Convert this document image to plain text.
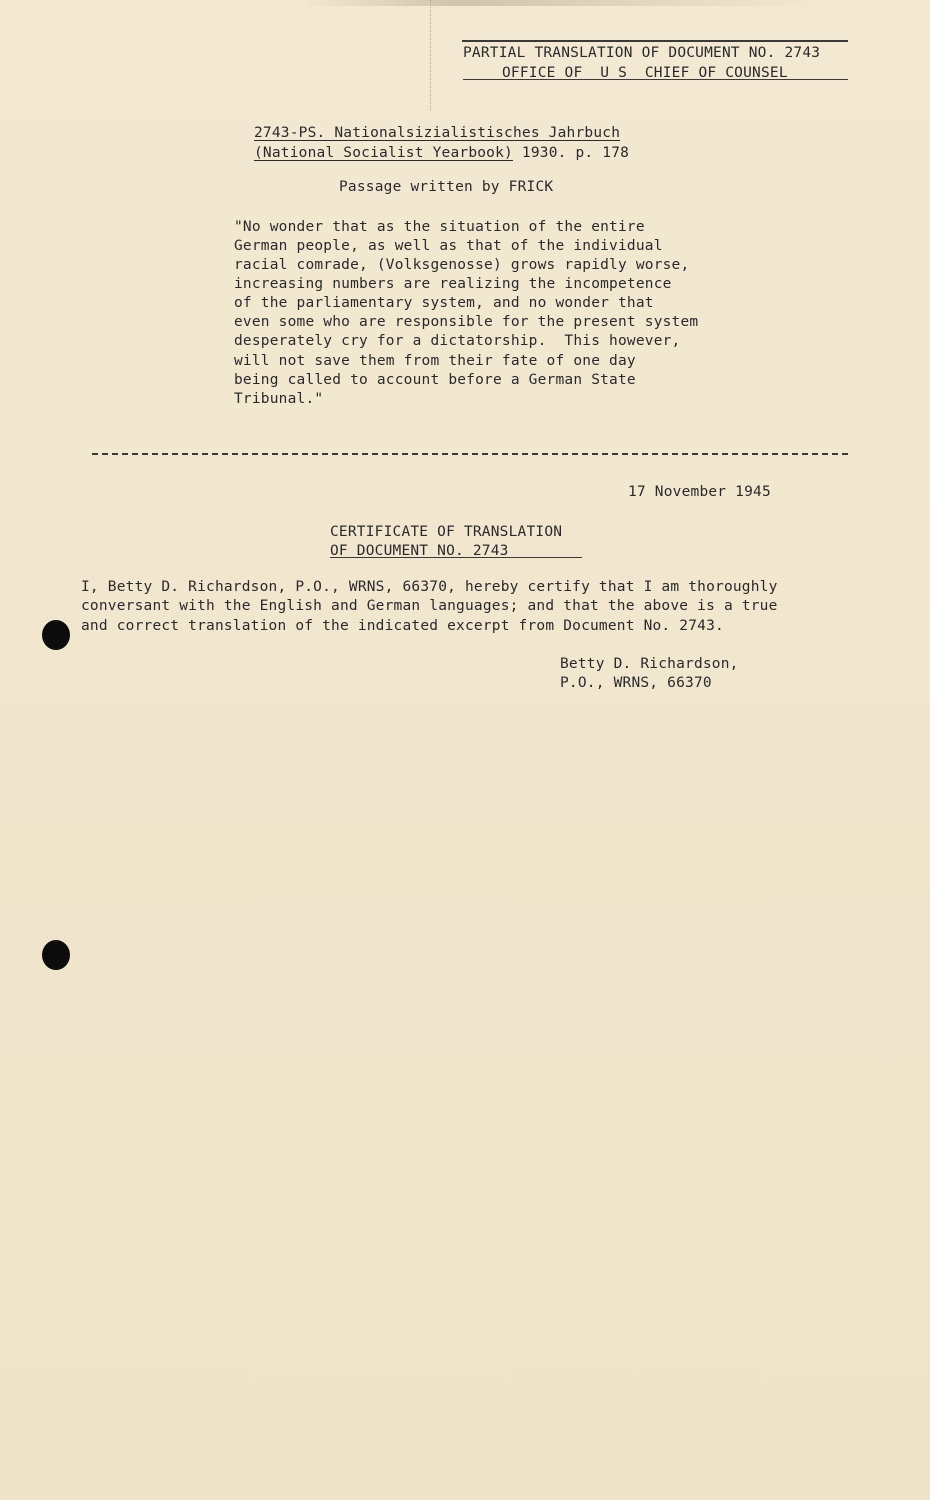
PARTIAL TRANSLATION OF DOCUMENT NO. 2743
OFFICE OF  U S  CHIEF OF COUNSEL
2743-PS. Nationalsizialistisches Jahrbuch
(National Socialist Yearbook) 1930. p. 178
Passage written by FRICK
"No wonder that as the situation of the entire
German people, as well as that of the individual
racial comrade, (Volksgenosse) grows rapidly worse,
increasing numbers are realizing the incompetence
of the parliamentary system, and no wonder that
even some who are responsible for the present system
desperately cry for a dictatorship.  This however,
will not save them from their fate of one day
being called to account before a German State
Tribunal."
17 November 1945
CERTIFICATE OF TRANSLATION
OF DOCUMENT NO. 2743
I, Betty D. Richardson, P.O., WRNS, 66370, hereby certify that I am thoroughly
conversant with the English and German languages; and that the above is a true
and correct translation of the indicated excerpt from Document No. 2743.
Betty D. Richardson,
P.O., WRNS, 66370
